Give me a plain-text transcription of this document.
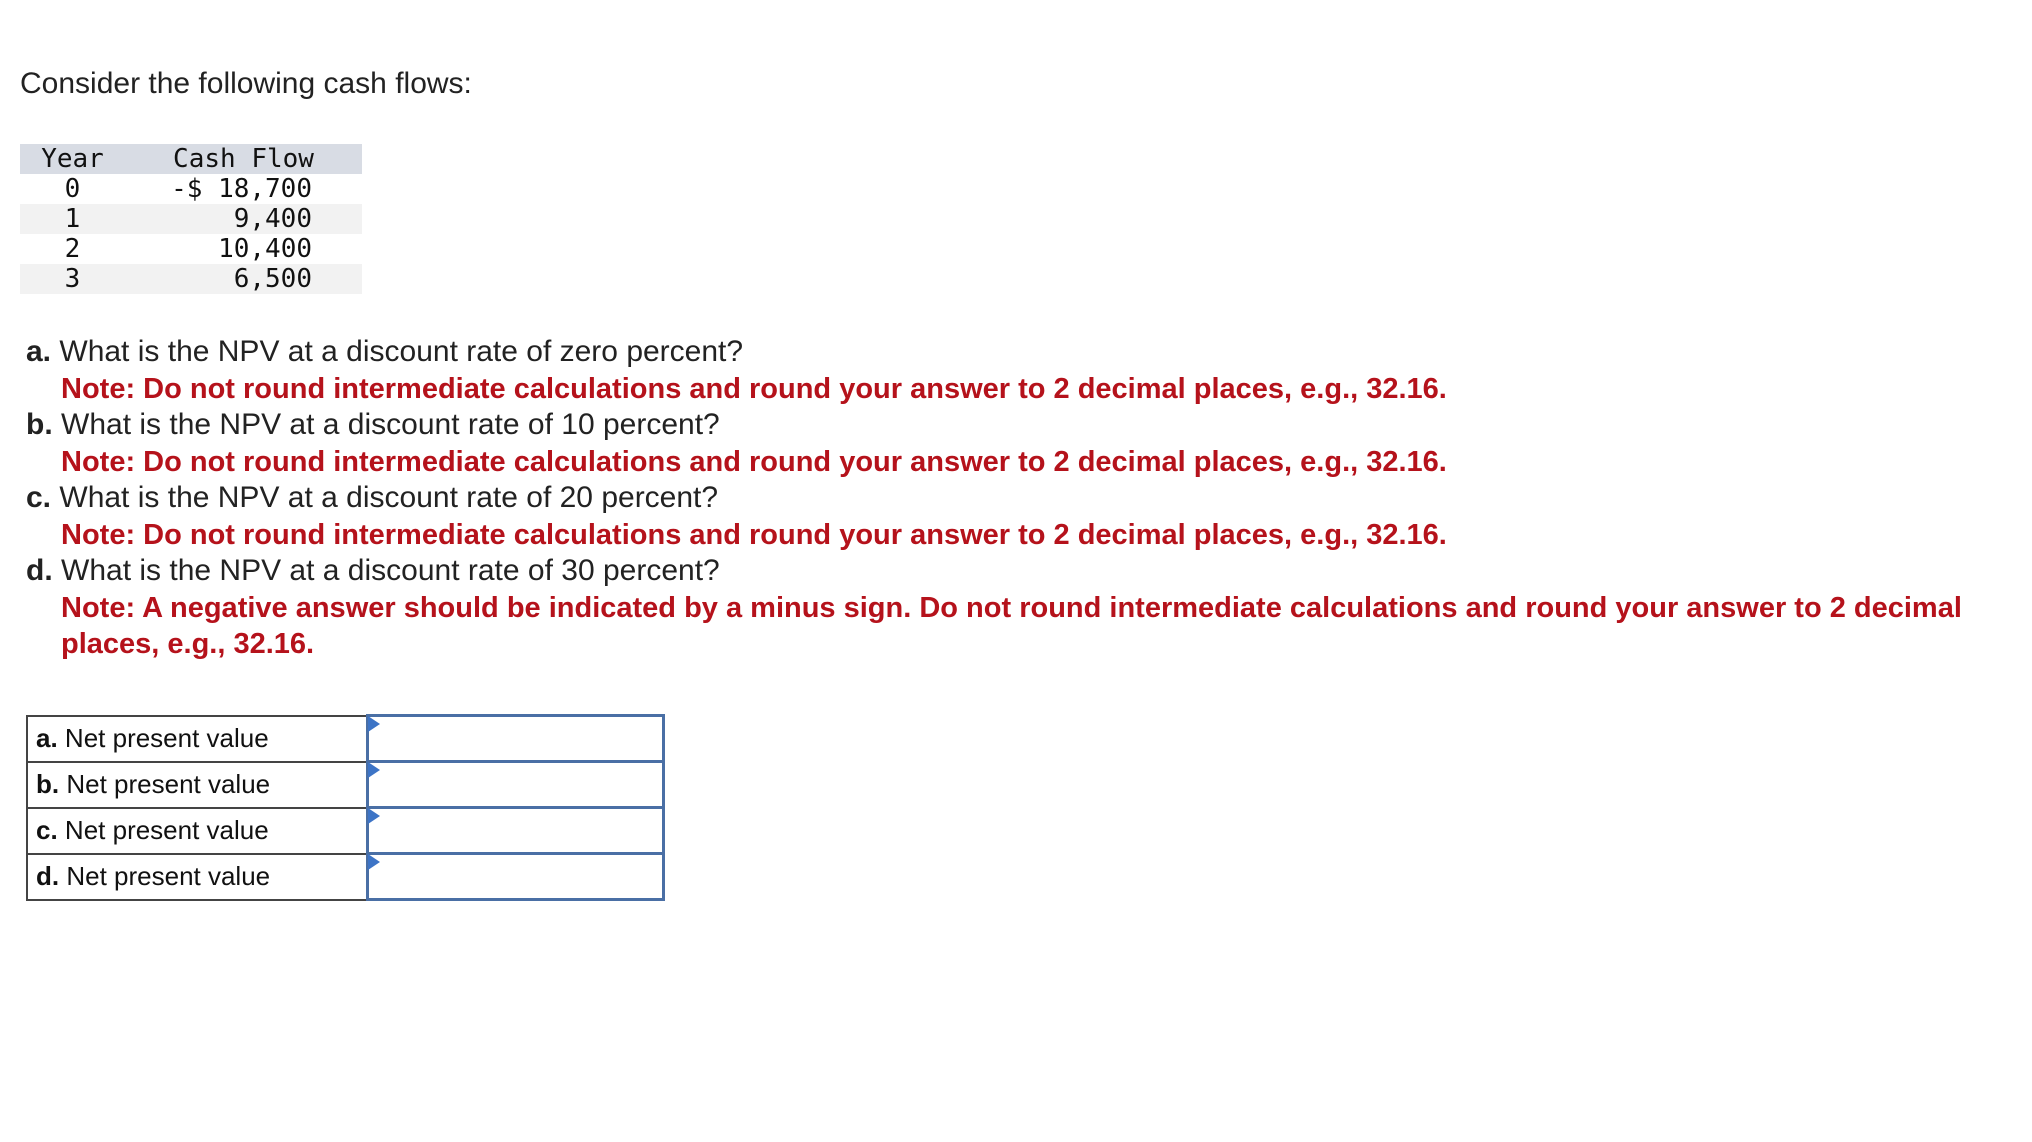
Consider the following cash flows:
Year	Cash Flow
0	-$ 18,700
1	9,400
2	10,400
3	6,500
a. What is the NPV at a discount rate of zero percent?
Note: Do not round intermediate calculations and round your answer to 2 decimal places, e.g., 32.16.
b. What is the NPV at a discount rate of 10 percent?
Note: Do not round intermediate calculations and round your answer to 2 decimal places, e.g., 32.16.
c. What is the NPV at a discount rate of 20 percent?
Note: Do not round intermediate calculations and round your answer to 2 decimal places, e.g., 32.16.
d. What is the NPV at a discount rate of 30 percent?
Note: A negative answer should be indicated by a minus sign. Do not round intermediate calculations and round your answer to 2 decimal places, e.g., 32.16.
a. Net present value	

b. Net present value	

c. Net present value	

d. Net present value	
